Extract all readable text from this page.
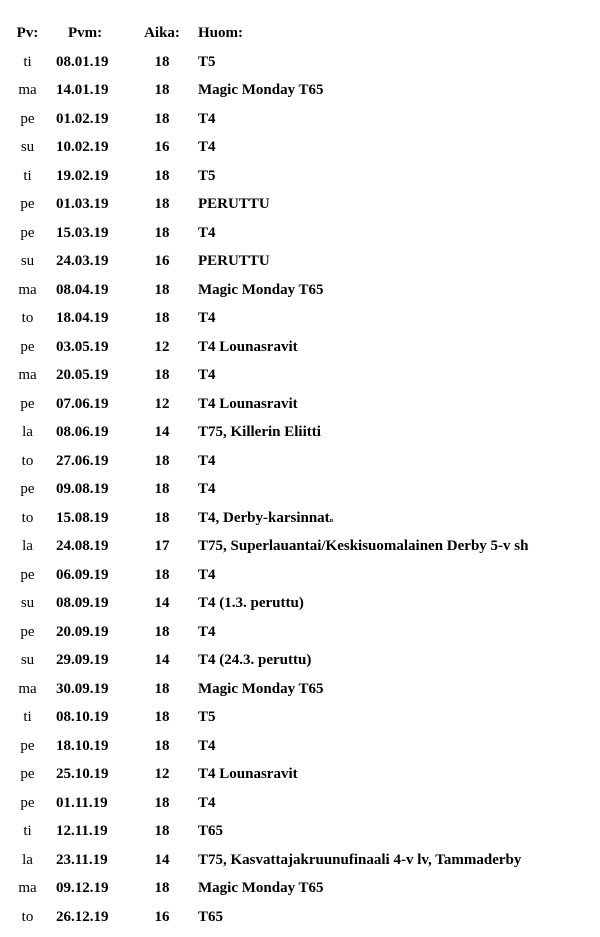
Pv:	Pvm:	Aika: Huom:
ti	08.01.19	18	T5
ma	14.01.19	18	Magic Monday T65
pe	01.02.19	18	T4
su	10.02.19	16	T4
ti	19.02.19	18	T5
pe	01.03.19	18	PERUTTU
pe	15.03.19	18	T4
su	24.03.19	16	PERUTTU
ma	08.04.19	18	Magic Monday T65
to	18.04.19	18	T4
pe	03.05.19	12	T4 Lounasravit
ma	20.05.19	18	T4
pe	07.06.19	12	T4 Lounasravit
la	08.06.19	14	T75, Killerin Eliitti
to	27.06.19	18	T4
pe	09.08.19	18	T4
to	15.08.19	18	T4, Derby-karsinnatn
la	24.08.19	17	T75, Superlauantai/Keskisuomalainen Derby 5-v sh
pe	06.09.19	18	T4
su	08.09.19	14	T4 (1.3. peruttu)
pe	20.09.19	18	T4
su	29.09.19	14	T4 (24.3. peruttu)
ma	30.09.19	18	Magic Monday T65
ti	08.10.19	18	T5
pe	18.10.19	18	T4
pe	25.10.19	12	T4 Lounasravit
pe	01.11.19	18	T4
ti	12.11.19	18	T65
la	23.11.19	14	T75, Kasvattajakruunufinaali 4-v lv, Tammaderby
ma	09.12.19	18	Magic Monday T65
to	26.12.19	16	T65
